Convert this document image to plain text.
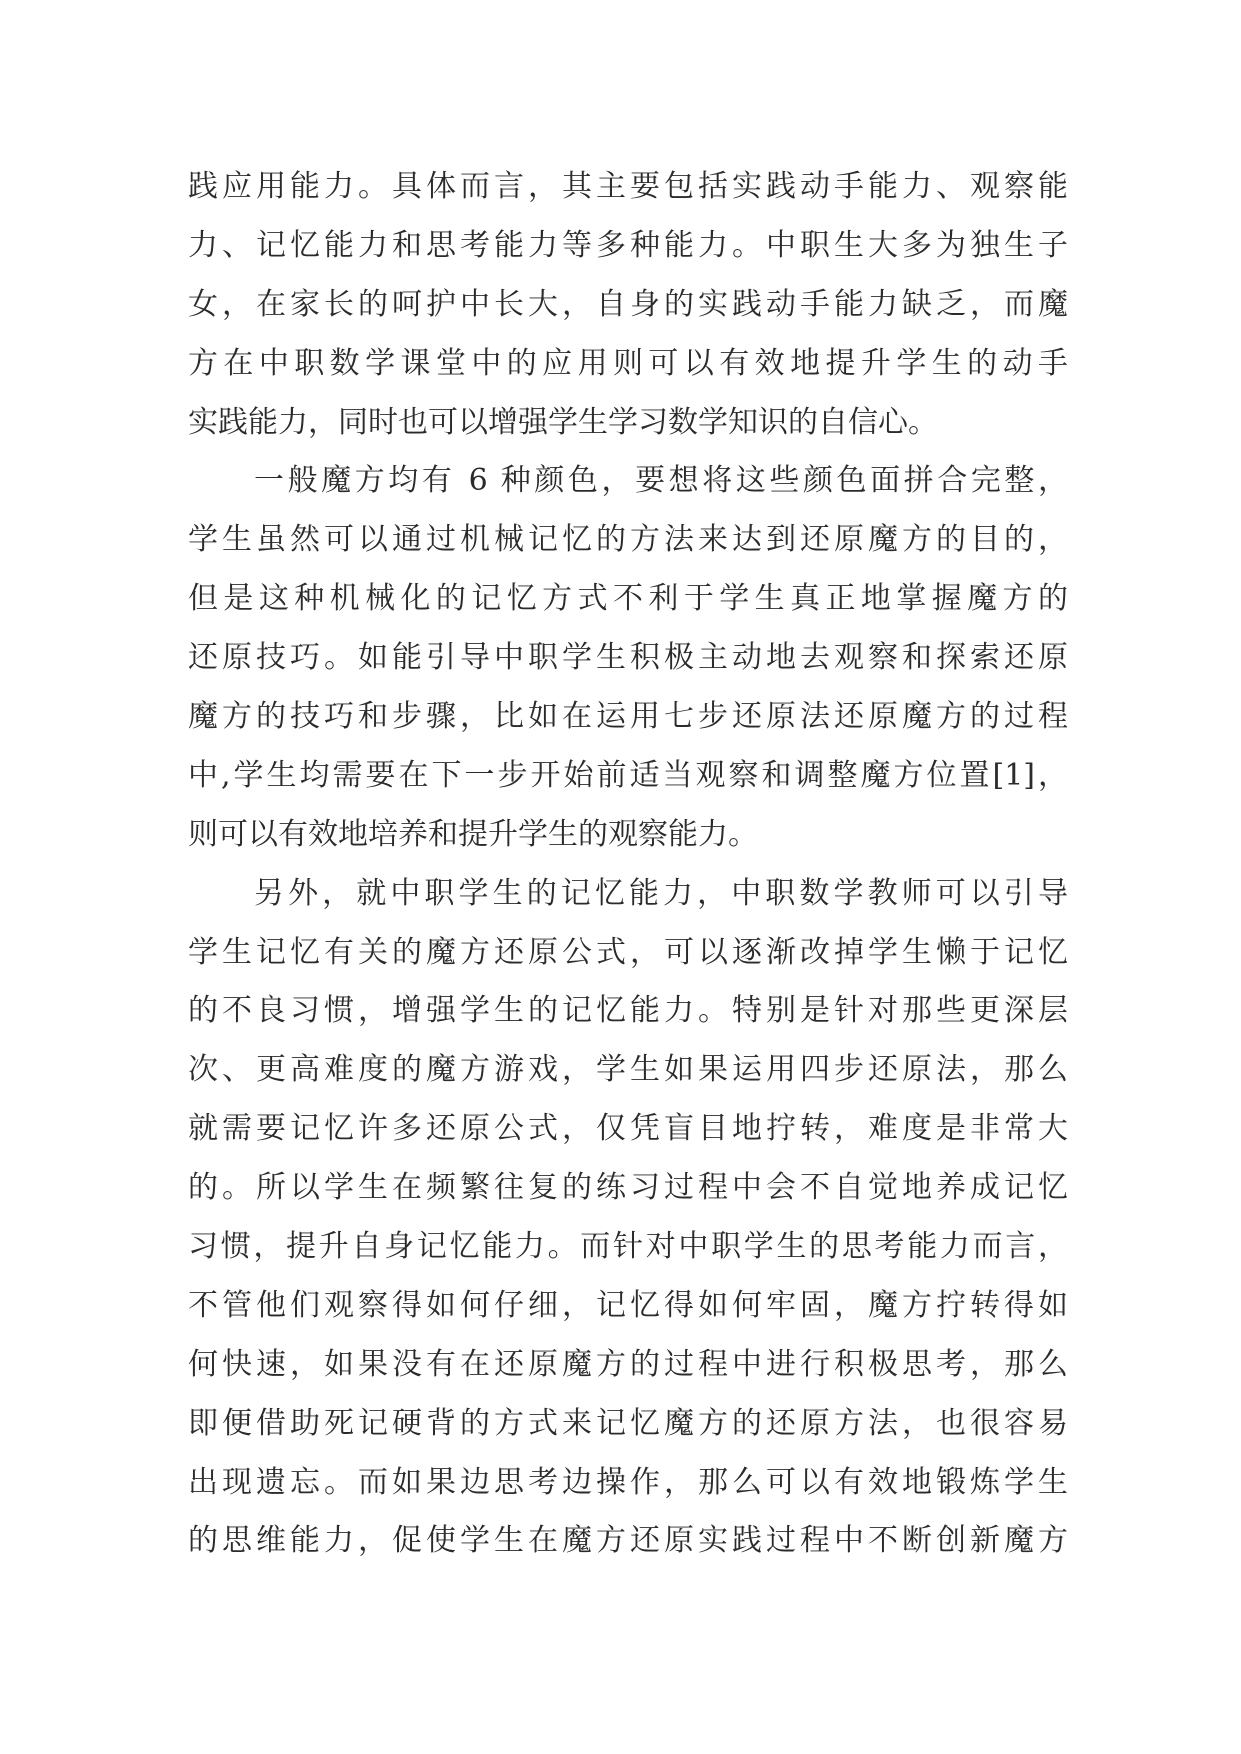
践应用能力。具体而言，其主要包括实践动手能力、观察能
力、记忆能力和思考能力等多种能力。中职生大多为独生子
女，在家长的呵护中长大，自身的实践动手能力缺乏，而魔
方在中职数学课堂中的应用则可以有效地提升学生的动手
实践能力，同时也可以增强学生学习数学知识的自信心。
一般魔方均有 6 种颜色，要想将这些颜色面拼合完整，
学生虽然可以通过机械记忆的方法来达到还原魔方的目的，
但是这种机械化的记忆方式不利于学生真正地掌握魔方的
还原技巧。如能引导中职学生积极主动地去观察和探索还原
魔方的技巧和步骤，比如在运用七步还原法还原魔方的过程
中,学生均需要在下一步开始前适当观察和调整魔方位置[1]，
则可以有效地培养和提升学生的观察能力。
另外，就中职学生的记忆能力，中职数学教师可以引导
学生记忆有关的魔方还原公式，可以逐渐改掉学生懒于记忆
的不良习惯，增强学生的记忆能力。特别是针对那些更深层
次、更高难度的魔方游戏，学生如果运用四步还原法，那么
就需要记忆许多还原公式，仅凭盲目地拧转，难度是非常大
的。所以学生在频繁往复的练习过程中会不自觉地养成记忆
习惯，提升自身记忆能力。而针对中职学生的思考能力而言，
不管他们观察得如何仔细，记忆得如何牢固，魔方拧转得如
何快速，如果没有在还原魔方的过程中进行积极思考，那么
即便借助死记硬背的方式来记忆魔方的还原方法，也很容易
出现遗忘。而如果边思考边操作，那么可以有效地锻炼学生
的思维能力，促使学生在魔方还原实践过程中不断创新魔方
